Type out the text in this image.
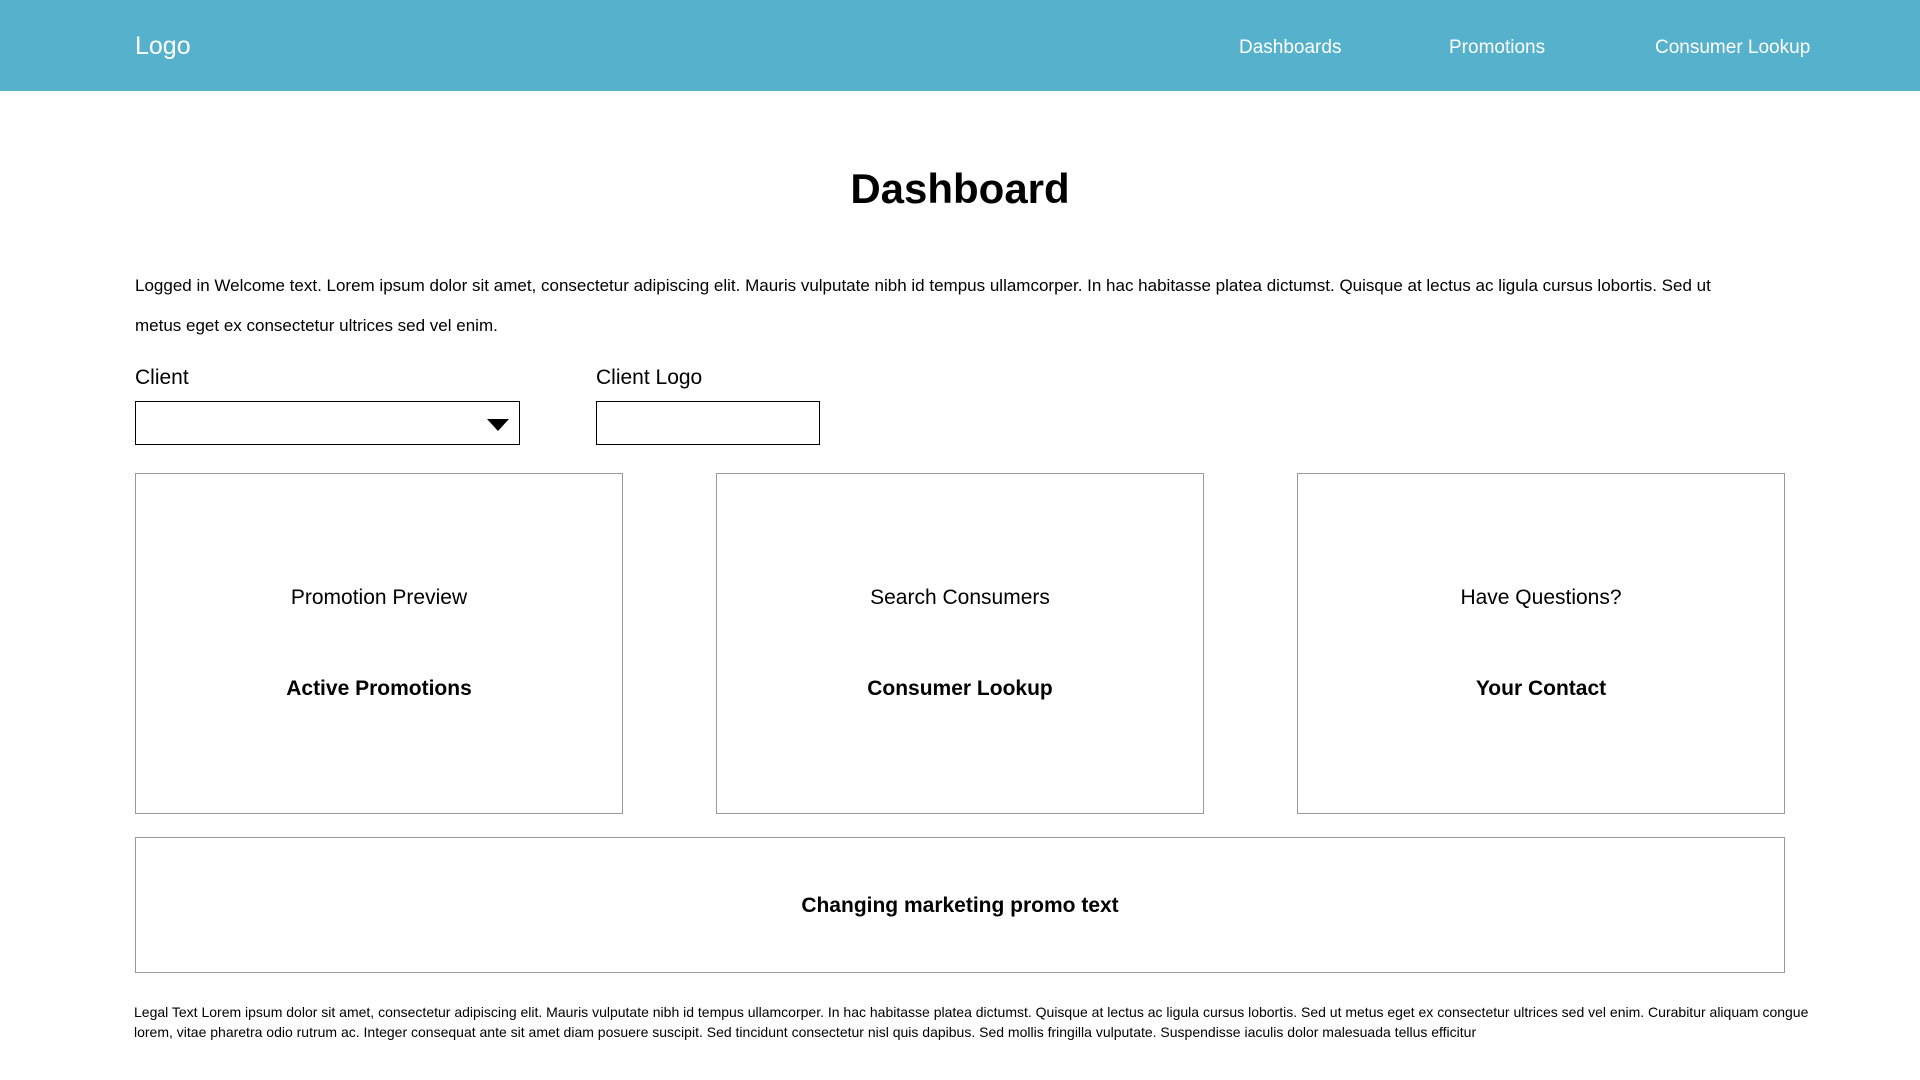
Logo	Dashboards	Promotions	Consumer Lookup
Dashboard

Logged in Welcome text. Lorem ipsum dolor sit amet, consectetur adipiscing elit. Mauris vulputate nibh id tempus ullamcorper. In hac habitasse platea dictumst. Quisque at lectus ac ligula cursus lobortis. Sed ut metus eget ex consectetur ultrices sed vel enim.

Client	Client Logo
Promotion Preview
Active Promotions
Search Consumers
Consumer Lookup
Have Questions?
Your Contact
Changing marketing promo text

Legal Text Lorem ipsum dolor sit amet, consectetur adipiscing elit. Mauris vulputate nibh id tempus ullamcorper. In hac habitasse platea dictumst. Quisque at lectus ac ligula cursus lobortis. Sed ut metus eget ex consectetur ultrices sed vel enim. Curabitur aliquam congue lorem, vitae pharetra odio rutrum ac. Integer consequat ante sit amet diam posuere suscipit. Sed tincidunt consectetur nisl quis dapibus. Sed mollis fringilla vulputate. Suspendisse iaculis dolor malesuada tellus efficitur
